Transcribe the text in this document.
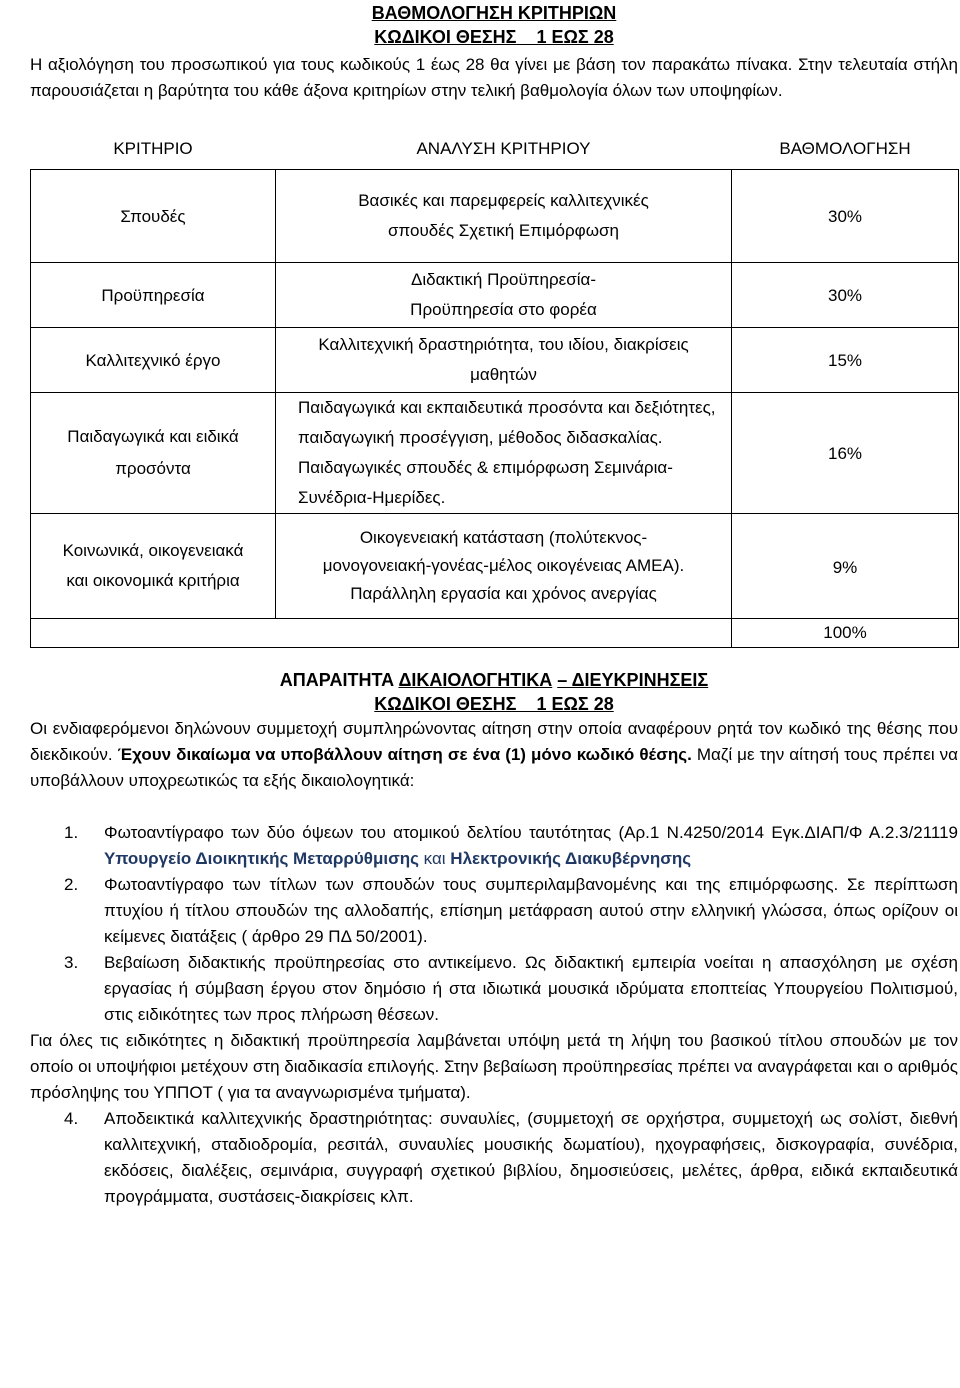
ΒΑΘΜΟΛΟΓΗΣΗ ΚΡΙΤΗΡΙΩΝ
ΚΩΔΙΚΟΙ ΘΕΣΗΣ    1 ΕΩΣ 28

Η αξιολόγηση του προσωπικού για τους κωδικούς 1 έως 28 θα γίνει με βάση τον παρακάτω πίνακα. Στην τελευταία στήλη παρουσιάζεται η βαρύτητα του κάθε άξονα κριτηρίων στην τελική βαθμολογία όλων των υποψηφίων.

ΚΡΙΤΗΡΙΟ	ΑΝΑΛΥΣΗ ΚΡΙΤΗΡΙΟΥ	ΒΑΘΜΟΛΟΓΗΣΗ
Σπουδές	Βασικές και παρεμφερείς καλλιτεχνικές σπουδές Σχετική Επιμόρφωση	30%
Προϋπηρεσία	Διδακτική Προϋπηρεσία- Προϋπηρεσία στο φορέα	30%
Καλλιτεχνικό έργο	Καλλιτεχνική δραστηριότητα, του ιδίου, διακρίσεις μαθητών	15%
Παιδαγωγικά και ειδικά προσόντα	Παιδαγωγικά και εκπαιδευτικά προσόντα και δεξιότητες, παιδαγωγική προσέγγιση, μέθοδος διδασκαλίας. Παιδαγωγικές σπουδές & επιμόρφωση Σεμινάρια-Συνέδρια-Ημερίδες.	16%
Κοινωνικά, οικογενειακά και οικονομικά κριτήρια	Οικογενειακή κατάσταση (πολύτεκνος- μονογονειακή-γονέας-μέλος οικογένειας ΑΜΕΑ). Παράλληλη εργασία και χρόνος ανεργίας	9%
		100%
ΑΠΑΡΑΙΤΗΤΑ ΔΙΚΑΙΟΛΟΓΗΤΙΚΑ – ΔΙΕΥΚΡΙΝΗΣΕΙΣ
ΚΩΔΙΚΟΙ ΘΕΣΗΣ    1 ΕΩΣ 28

Οι ενδιαφερόμενοι δηλώνουν συμμετοχή συμπληρώνοντας αίτηση στην οποία αναφέρουν ρητά τον κωδικό της θέσης που διεκδικούν. Έχουν δικαίωμα να υποβάλλουν αίτηση σε ένα (1) μόνο κωδικό θέσης. Μαζί με την αίτησή τους πρέπει να υποβάλλουν υποχρεωτικώς τα εξής δικαιολογητικά:

1. Φωτοαντίγραφο των δύο όψεων του ατομικού δελτίου ταυτότητας (Αρ.1 Ν.4250/2014 Εγκ.ΔΙΑΠ/Φ Α.2.3/21119 Υπουργείο Διοικητικής Μεταρρύθμισης και Ηλεκτρονικής Διακυβέρνησης
2. Φωτοαντίγραφο των τίτλων των σπουδών τους συμπεριλαμβανομένης και της επιμόρφωσης. Σε περίπτωση πτυχίου ή τίτλου σπουδών της αλλοδαπής, επίσημη μετάφραση αυτού στην ελληνική γλώσσα, όπως ορίζουν οι κείμενες διατάξεις ( άρθρο 29 ΠΔ 50/2001).
3. Βεβαίωση διδακτικής προϋπηρεσίας στο αντικείμενο. Ως διδακτική εμπειρία νοείται η απασχόληση με σχέση εργασίας ή σύμβαση έργου στον δημόσιο ή στα ιδιωτικά μουσικά ιδρύματα εποπτείας Υπουργείου Πολιτισμού, στις ειδικότητες των προς πλήρωση θέσεων.

Για όλες τις ειδικότητες η διδακτική προϋπηρεσία λαμβάνεται υπόψη μετά τη λήψη του βασικού τίτλου σπουδών με τον οποίο οι υποψήφιοι μετέχουν στη διαδικασία επιλογής. Στην βεβαίωση προϋπηρεσίας πρέπει να αναγράφεται και ο αριθμός πρόσληψης του ΥΠΠΟΤ ( για τα αναγνωρισμένα τμήματα).

4. Αποδεικτικά καλλιτεχνικής δραστηριότητας: συναυλίες, (συμμετοχή σε ορχήστρα, συμμετοχή ως σολίστ, διεθνή καλλιτεχνική, σταδιοδρομία, ρεσιτάλ, συναυλίες μουσικής δωματίου), ηχογραφήσεις, δισκογραφία, συνέδρια, εκδόσεις, διαλέξεις, σεμινάρια, συγγραφή σχετικού βιβλίου, δημοσιεύσεις, μελέτες, άρθρα, ειδικά εκπαιδευτικά προγράμματα, συστάσεις-διακρίσεις κλπ.
